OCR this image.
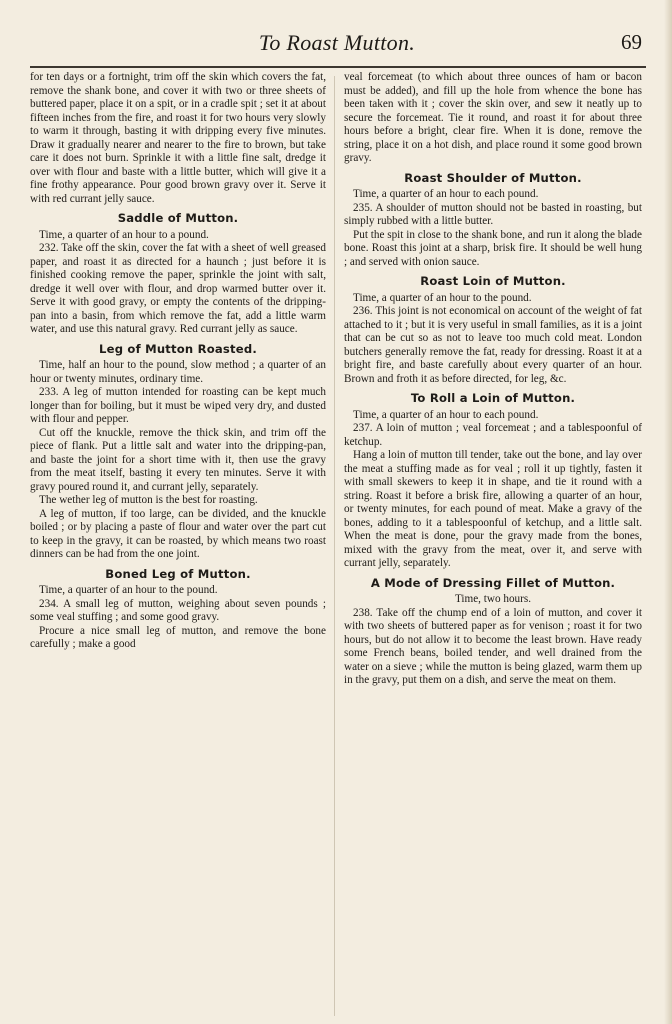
To Roast Mutton.	69

for ten days or a fortnight, trim off the skin which covers the fat, remove the shank bone, and cover it with two or three sheets of buttered paper, place it on a spit, or in a cradle spit ; set it at about fifteen inches from the fire, and roast it for two hours very slowly to warm it through, basting it with dripping every five minutes. Draw it gradually nearer and nearer to the fire to brown, but take care it does not burn. Sprinkle it with a little fine salt, dredge it over with flour and baste with a little butter, which will give it a fine frothy appearance. Pour good brown gravy over it. Serve it with red currant jelly sauce.

Saddle of Mutton.

Time, a quarter of an hour to a pound.

232. Take off the skin, cover the fat with a sheet of well greased paper, and roast it as directed for a haunch ; just before it is finished cooking remove the paper, sprinkle the joint with salt, dredge it well over with flour, and drop warmed butter over it. Serve it with good gravy, or empty the contents of the dripping-pan into a basin, from which remove the fat, add a little warm water, and use this natural gravy. Red currant jelly as sauce.

Leg of Mutton Roasted.

Time, half an hour to the pound, slow method ; a quarter of an hour or twenty minutes, ordinary time.

233. A leg of mutton intended for roasting can be kept much longer than for boiling, but it must be wiped very dry, and dusted with flour and pepper.

Cut off the knuckle, remove the thick skin, and trim off the piece of flank. Put a little salt and water into the dripping-pan, and baste the joint for a short time with it, then use the gravy from the meat itself, basting it every ten minutes. Serve it with gravy poured round it, and currant jelly, separately.

The wether leg of mutton is the best for roasting.

A leg of mutton, if too large, can be divided, and the knuckle boiled ; or by placing a paste of flour and water over the part cut to keep in the gravy, it can be roasted, by which means two roast dinners can be had from the one joint.

Boned Leg of Mutton.

Time, a quarter of an hour to the pound.

234. A small leg of mutton, weighing about seven pounds ; some veal stuffing ; and some good gravy.

Procure a nice small leg of mutton, and remove the bone carefully ; make a good

veal forcemeat (to which about three ounces of ham or bacon must be added), and fill up the hole from whence the bone has been taken with it ; cover the skin over, and sew it neatly up to secure the forcemeat. Tie it round, and roast it for about three hours before a bright, clear fire. When it is done, remove the string, place it on a hot dish, and place round it some good brown gravy.

Roast Shoulder of Mutton.

Time, a quarter of an hour to each pound.

235. A shoulder of mutton should not be basted in roasting, but simply rubbed with a little butter.

Put the spit in close to the shank bone, and run it along the blade bone. Roast this joint at a sharp, brisk fire. It should be well hung ; and served with onion sauce.

Roast Loin of Mutton.

Time, a quarter of an hour to the pound.

236. This joint is not economical on account of the weight of fat attached to it ; but it is very useful in small families, as it is a joint that can be cut so as not to leave too much cold meat. London butchers generally remove the fat, ready for dressing. Roast it at a bright fire, and baste carefully about every quarter of an hour. Brown and froth it as before directed, for leg, &c.

To Roll a Loin of Mutton.

Time, a quarter of an hour to each pound.

237. A loin of mutton ; veal forcemeat ; and a tablespoonful of ketchup.

Hang a loin of mutton till tender, take out the bone, and lay over the meat a stuffing made as for veal ; roll it up tightly, fasten it with small skewers to keep it in shape, and tie it round with a string. Roast it before a brisk fire, allowing a quarter of an hour, or twenty minutes, for each pound of meat. Make a gravy of the bones, adding to it a tablespoonful of ketchup, and a little salt. When the meat is done, pour the gravy made from the bones, mixed with the gravy from the meat, over it, and serve with currant jelly, separately.

A Mode of Dressing Fillet of Mutton.

Time, two hours.

238. Take off the chump end of a loin of mutton, and cover it with two sheets of buttered paper as for venison ; roast it for two hours, but do not allow it to become the least brown. Have ready some French beans, boiled tender, and well drained from the water on a sieve ; while the mutton is being glazed, warm them up in the gravy, put them on a dish, and serve the meat on them.
